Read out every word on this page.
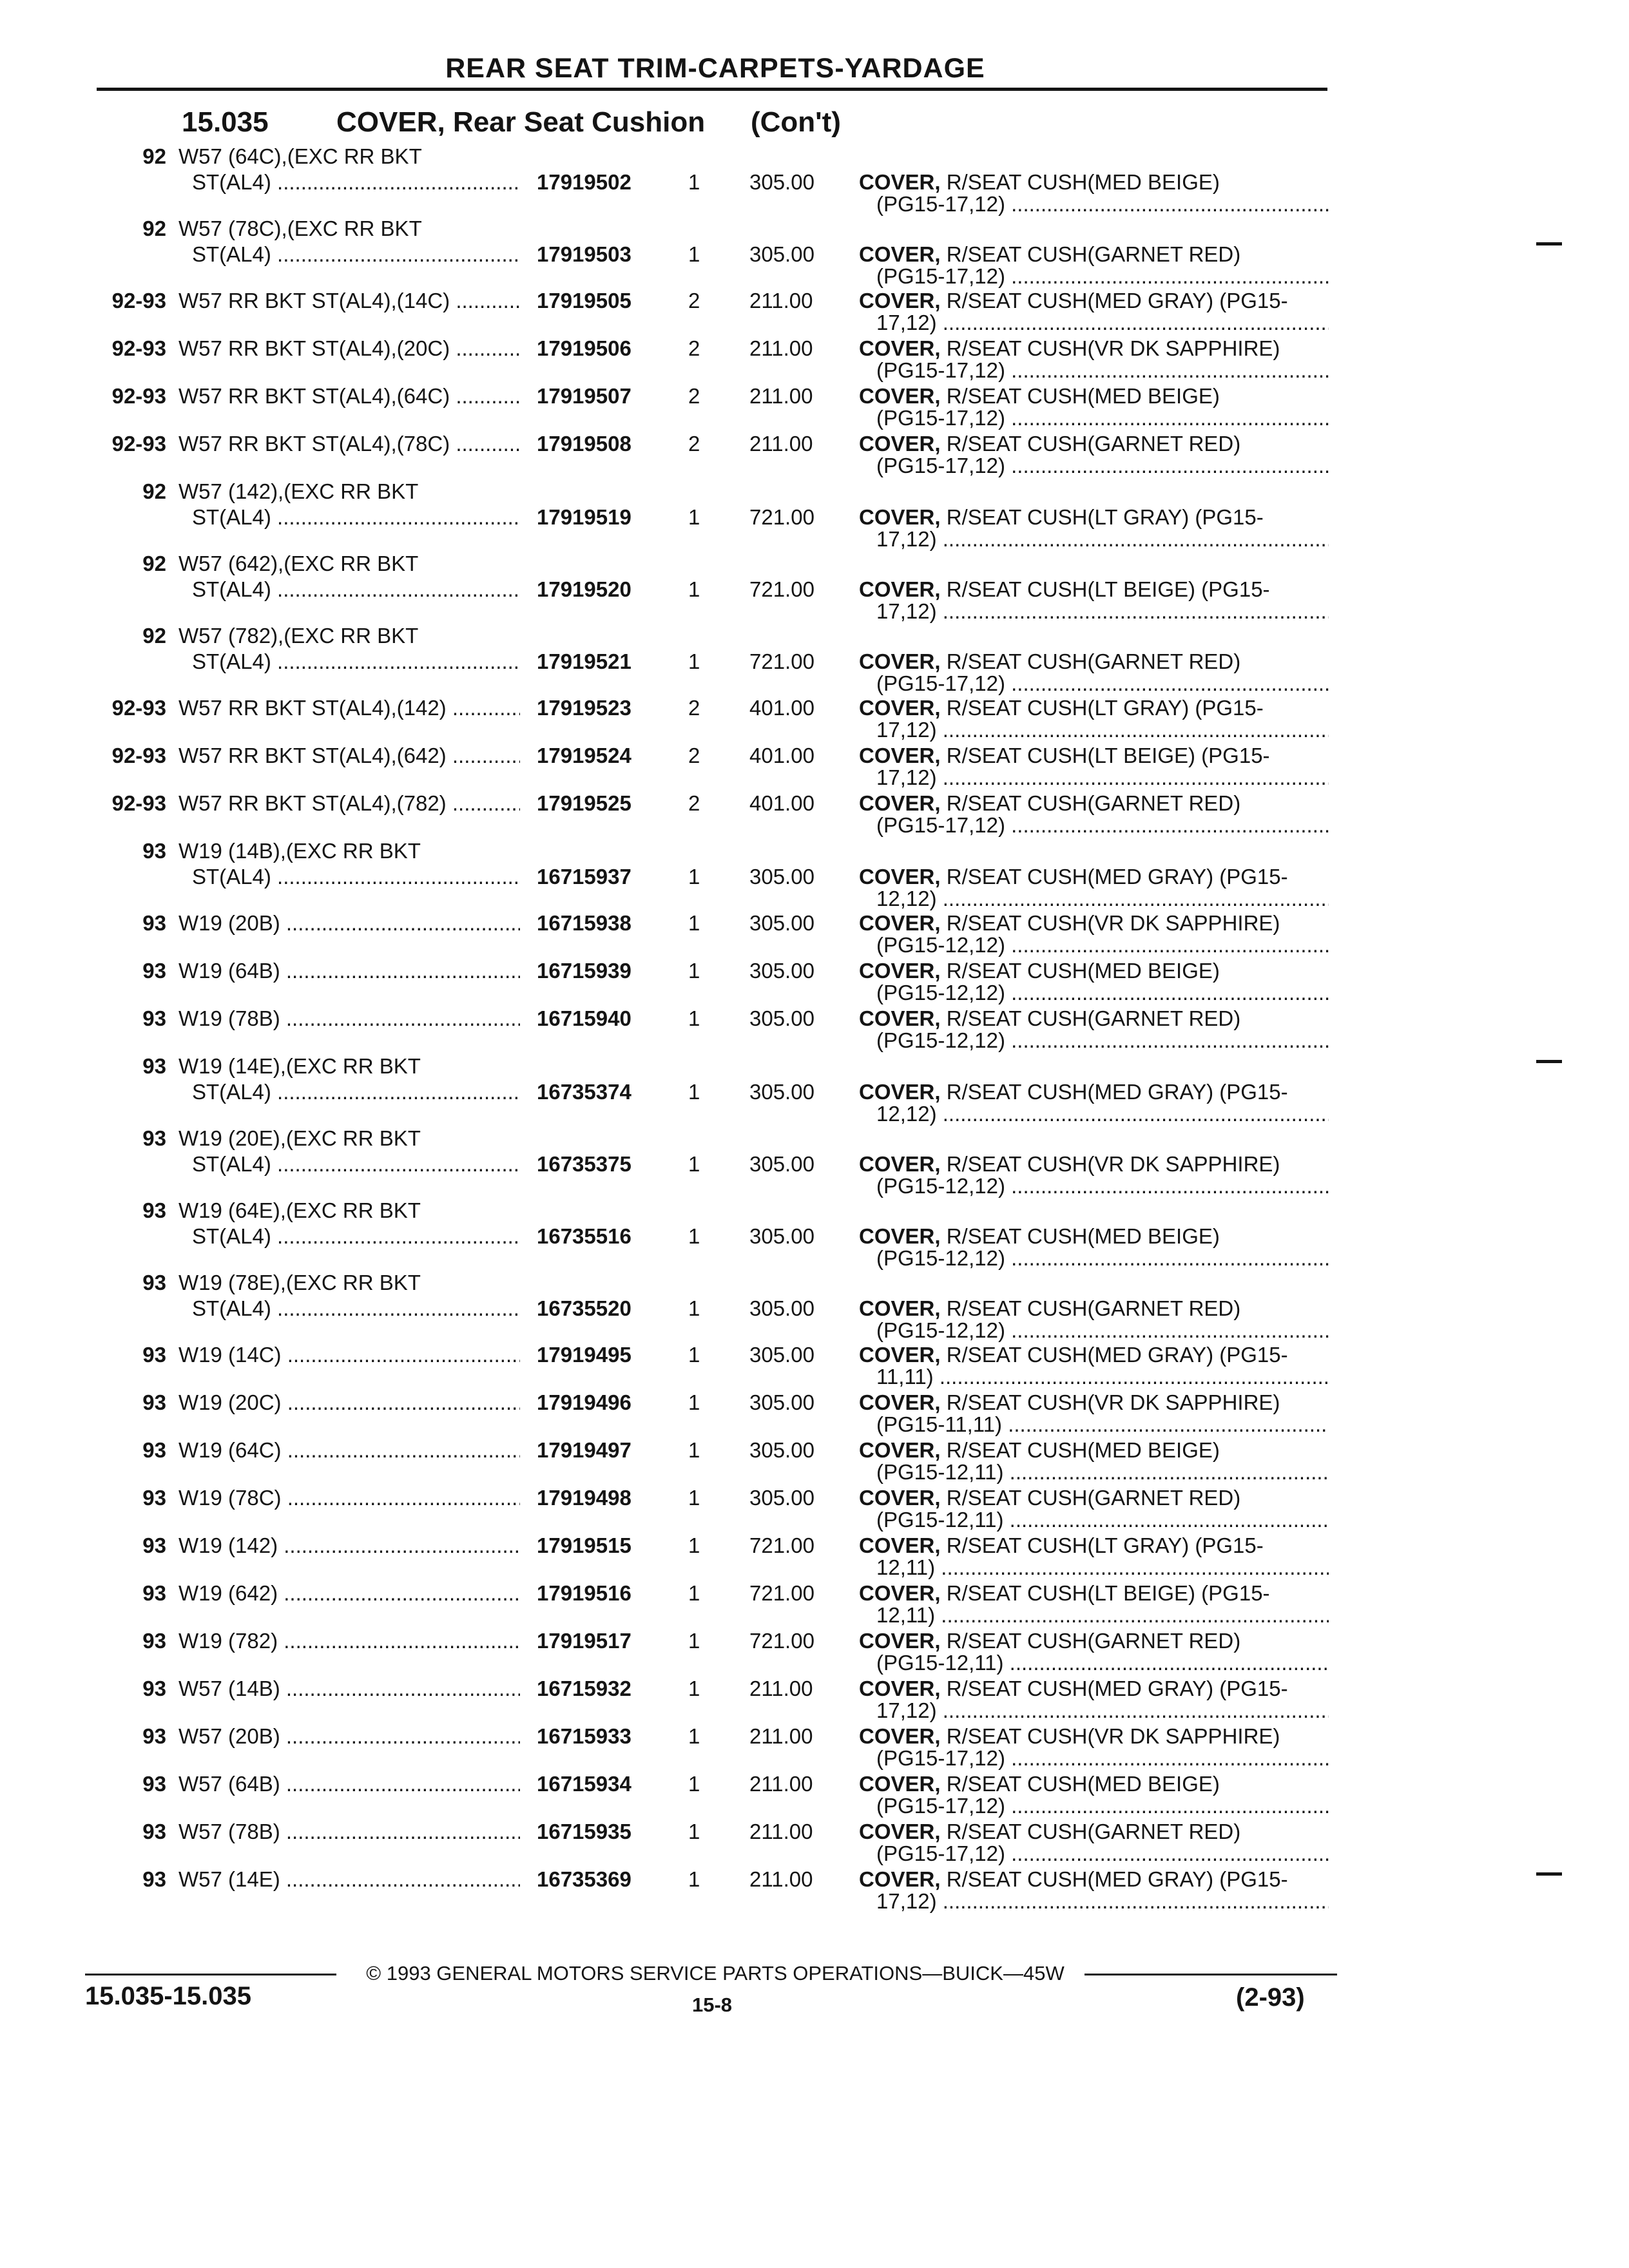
REAR SEAT TRIM-CARPETS-YARDAGE
15.035 COVER, Rear Seat Cushion (Con't)
92 W57 (64C),(EXC RR BKT
ST(AL4) .....	17919502	1 305.00 COVER, R/SEAT CUSH(MED BEIGE)
(PG15-17,12) .....
92 W57 (78C),(EXC RR BKT
ST(AL4) .....	17919503	1 305.00 COVER, R/SEAT CUSH(GARNET RED)
(PG15-17,12) .....
92-93 W57 RR BKT ST(AL4),(14C) .....	17919505	2 211.00 COVER, R/SEAT CUSH(MED GRAY) (PG15-
17,12) .....
92-93 W57 RR BKT ST(AL4),(20C) .....	17919506	2 211.00 COVER, R/SEAT CUSH(VR DK SAPPHIRE)
(PG15-17,12) .....
92-93 W57 RR BKT ST(AL4),(64C) .....	17919507	2 211.00 COVER, R/SEAT CUSH(MED BEIGE)
(PG15-17,12) .....
92-93 W57 RR BKT ST(AL4),(78C) .....	17919508	2 211.00 COVER, R/SEAT CUSH(GARNET RED)
(PG15-17,12) .....
92 W57 (142),(EXC RR BKT
ST(AL4) .....	17919519	1 721.00 COVER, R/SEAT CUSH(LT GRAY) (PG15-
17,12) .....
92 W57 (642),(EXC RR BKT
ST(AL4) .....	17919520	1 721.00 COVER, R/SEAT CUSH(LT BEIGE) (PG15-
17,12) .....
92 W57 (782),(EXC RR BKT
ST(AL4) .....	17919521	1 721.00 COVER, R/SEAT CUSH(GARNET RED)
(PG15-17,12) .....
92-93 W57 RR BKT ST(AL4),(142) .....	17919523	2 401.00 COVER, R/SEAT CUSH(LT GRAY) (PG15-
17,12) .....
92-93 W57 RR BKT ST(AL4),(642) .....	17919524	2 401.00 COVER, R/SEAT CUSH(LT BEIGE) (PG15-
17,12) .....
92-93 W57 RR BKT ST(AL4),(782) .....	17919525	2 401.00 COVER, R/SEAT CUSH(GARNET RED)
(PG15-17,12) .....
93 W19 (14B),(EXC RR BKT
ST(AL4) .....	16715937	1 305.00 COVER, R/SEAT CUSH(MED GRAY) (PG15-
12,12) .....
93 W19 (20B) .....	16715938	1 305.00 COVER, R/SEAT CUSH(VR DK SAPPHIRE)
(PG15-12,12) .....
93 W19 (64B) .....	16715939	1 305.00 COVER, R/SEAT CUSH(MED BEIGE)
(PG15-12,12) .....
93 W19 (78B) .....	16715940	1 305.00 COVER, R/SEAT CUSH(GARNET RED)
(PG15-12,12) .....
93 W19 (14E),(EXC RR BKT
ST(AL4) .....	16735374	1 305.00 COVER, R/SEAT CUSH(MED GRAY) (PG15-
12,12) .....
93 W19 (20E),(EXC RR BKT
ST(AL4) .....	16735375	1 305.00 COVER, R/SEAT CUSH(VR DK SAPPHIRE)
(PG15-12,12) .....
93 W19 (64E),(EXC RR BKT
ST(AL4) .....	16735516	1 305.00 COVER, R/SEAT CUSH(MED BEIGE)
(PG15-12,12) .....
93 W19 (78E),(EXC RR BKT
ST(AL4) .....	16735520	1 305.00 COVER, R/SEAT CUSH(GARNET RED)
(PG15-12,12) .....
93 W19 (14C) .....	17919495	1 305.00 COVER, R/SEAT CUSH(MED GRAY) (PG15-
11,11) .....
93 W19 (20C) .....	17919496	1 305.00 COVER, R/SEAT CUSH(VR DK SAPPHIRE)
(PG15-11,11) .....
93 W19 (64C) .....	17919497	1 305.00 COVER, R/SEAT CUSH(MED BEIGE)
(PG15-12,11) .....
93 W19 (78C) .....	17919498	1 305.00 COVER, R/SEAT CUSH(GARNET RED)
(PG15-12,11) .....
93 W19 (142) .....	17919515	1 721.00 COVER, R/SEAT CUSH(LT GRAY) (PG15-
12,11) .....
93 W19 (642) .....	17919516	1 721.00 COVER, R/SEAT CUSH(LT BEIGE) (PG15-
12,11) .....
93 W19 (782) .....	17919517	1 721.00 COVER, R/SEAT CUSH(GARNET RED)
(PG15-12,11) .....
93 W57 (14B) .....	16715932	1 211.00 COVER, R/SEAT CUSH(MED GRAY) (PG15-
17,12) .....
93 W57 (20B) .....	16715933	1 211.00 COVER, R/SEAT CUSH(VR DK SAPPHIRE)
(PG15-17,12) .....
93 W57 (64B) .....	16715934	1 211.00 COVER, R/SEAT CUSH(MED BEIGE)
(PG15-17,12) .....
93 W57 (78B) .....	16715935	1 211.00 COVER, R/SEAT CUSH(GARNET RED)
(PG15-17,12) .....
93 W57 (14E) .....	16735369	1 211.00 COVER, R/SEAT CUSH(MED GRAY) (PG15-
17,12) .....
© 1993 GENERAL MOTORS SERVICE PARTS OPERATIONS—BUICK—45W
15.035-15.035	15-8	(2-93)
